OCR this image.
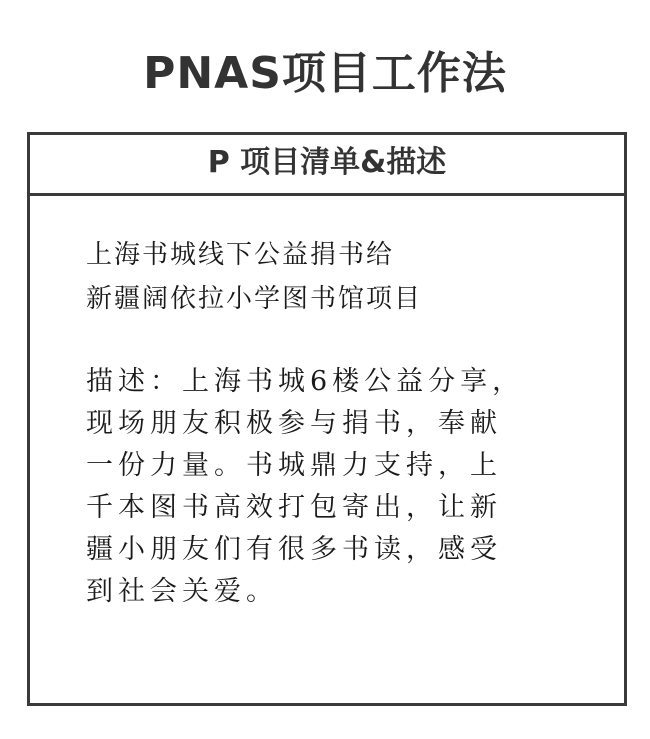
PNAS项目工作法
P 项目清单&描述
上海书城线下公益捐书给
新疆阔依拉小学图书馆项目
描述：上海书城6楼公益分享，
现场朋友积极参与捐书，奉献
一份力量。书城鼎力支持，上
千本图书高效打包寄出，让新
疆小朋友们有很多书读，感受
到社会关爱。
